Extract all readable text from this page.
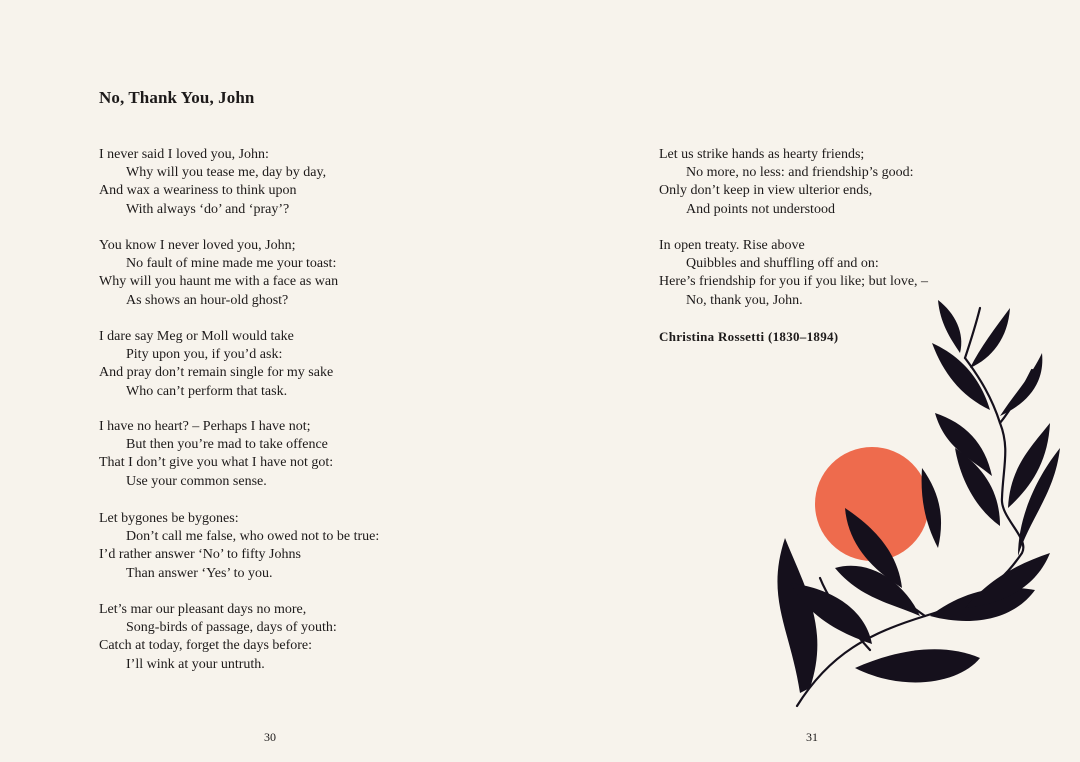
No, Thank You, John
I never said I loved you, John:
Why will you tease me, day by day,
And wax a weariness to think upon
With always ‘do’ and ‘pray’?
You know I never loved you, John;
No fault of mine made me your toast:
Why will you haunt me with a face as wan
As shows an hour-old ghost?
I dare say Meg or Moll would take
Pity upon you, if you’d ask:
And pray don’t remain single for my sake
Who can’t perform that task.
I have no heart? – Perhaps I have not;
But then you’re mad to take offence
That I don’t give you what I have not got:
Use your common sense.
Let bygones be bygones:
Don’t call me false, who owed not to be true:
I’d rather answer ‘No’ to fifty Johns
Than answer ‘Yes’ to you.
Let’s mar our pleasant days no more,
Song-birds of passage, days of youth:
Catch at today, forget the days before:
I’ll wink at your untruth.
30
Let us strike hands as hearty friends;
No more, no less: and friendship’s good:
Only don’t keep in view ulterior ends,
And points not understood
In open treaty. Rise above
Quibbles and shuffling off and on:
Here’s friendship for you if you like; but love, –
No, thank you, John.
Christina Rossetti (1830–1894)
31
